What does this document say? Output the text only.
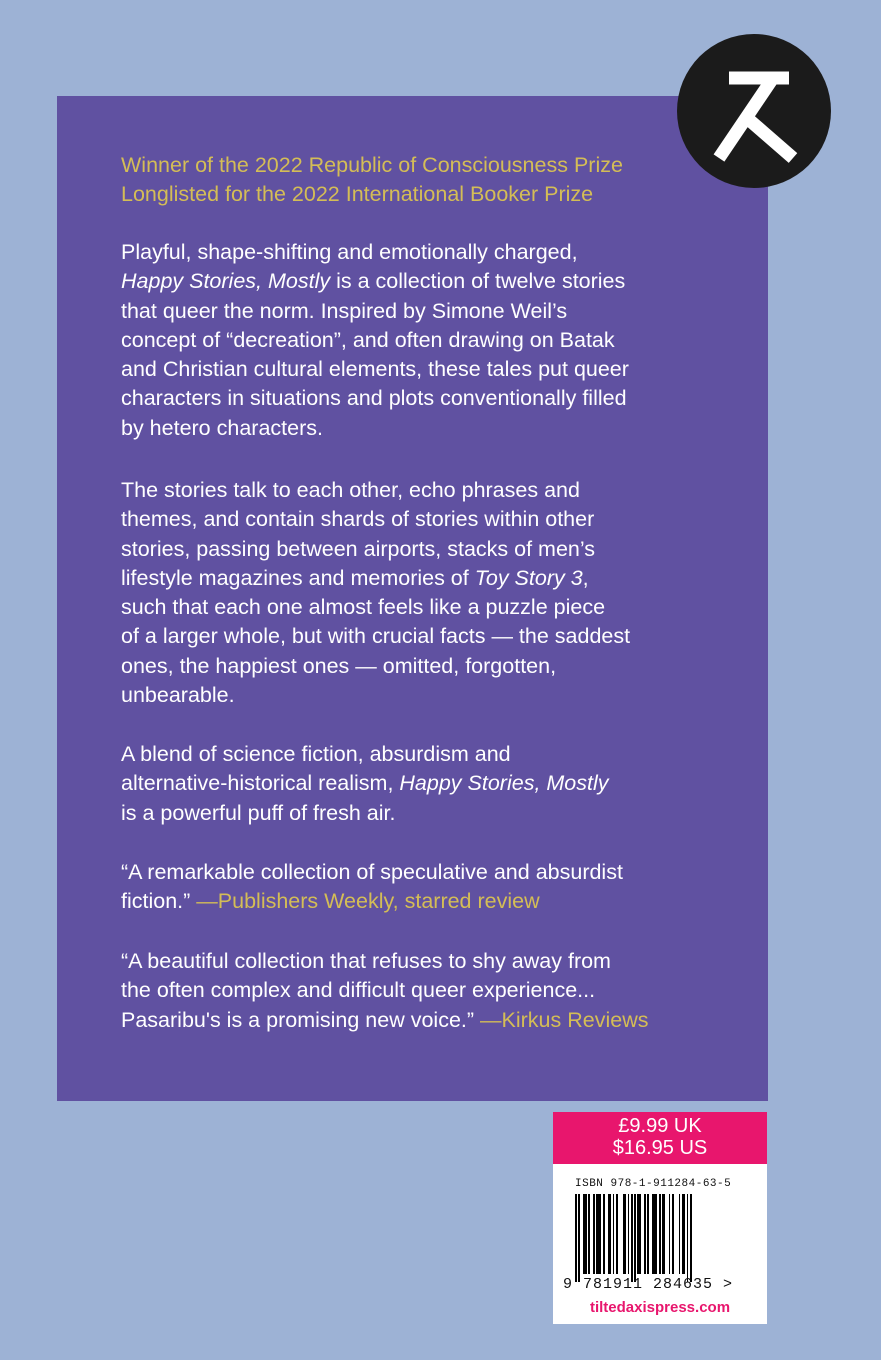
Winner of the 2022 Republic of Consciousness Prize
Longlisted for the 2022 International Booker Prize
Playful, shape-shifting and emotionally charged,
Happy Stories, Mostly is a collection of twelve stories
that queer the norm. Inspired by Simone Weil’s
concept of “decreation”, and often drawing on Batak
and Christian cultural elements, these tales put queer
characters in situations and plots conventionally filled
by hetero characters.
The stories talk to each other, echo phrases and
themes, and contain shards of stories within other
stories, passing between airports, stacks of men’s
lifestyle magazines and memories of Toy Story 3,
such that each one almost feels like a puzzle piece
of a larger whole, but with crucial facts — the saddest
ones, the happiest ones — omitted, forgotten,
unbearable.
A blend of science fiction, absurdism and
alternative-historical realism, Happy Stories, Mostly
is a powerful puff of fresh air.
“A remarkable collection of speculative and absurdist
fiction.” —Publishers Weekly, starred review
“A beautiful collection that refuses to shy away from
the often complex and difficult queer experience...
Pasaribu's is a promising new voice.” —Kirkus Reviews
£9.99 UK
$16.95 US
ISBN 978-1-911284-63-5
9 781911 284635 >
tiltedaxispress.com
